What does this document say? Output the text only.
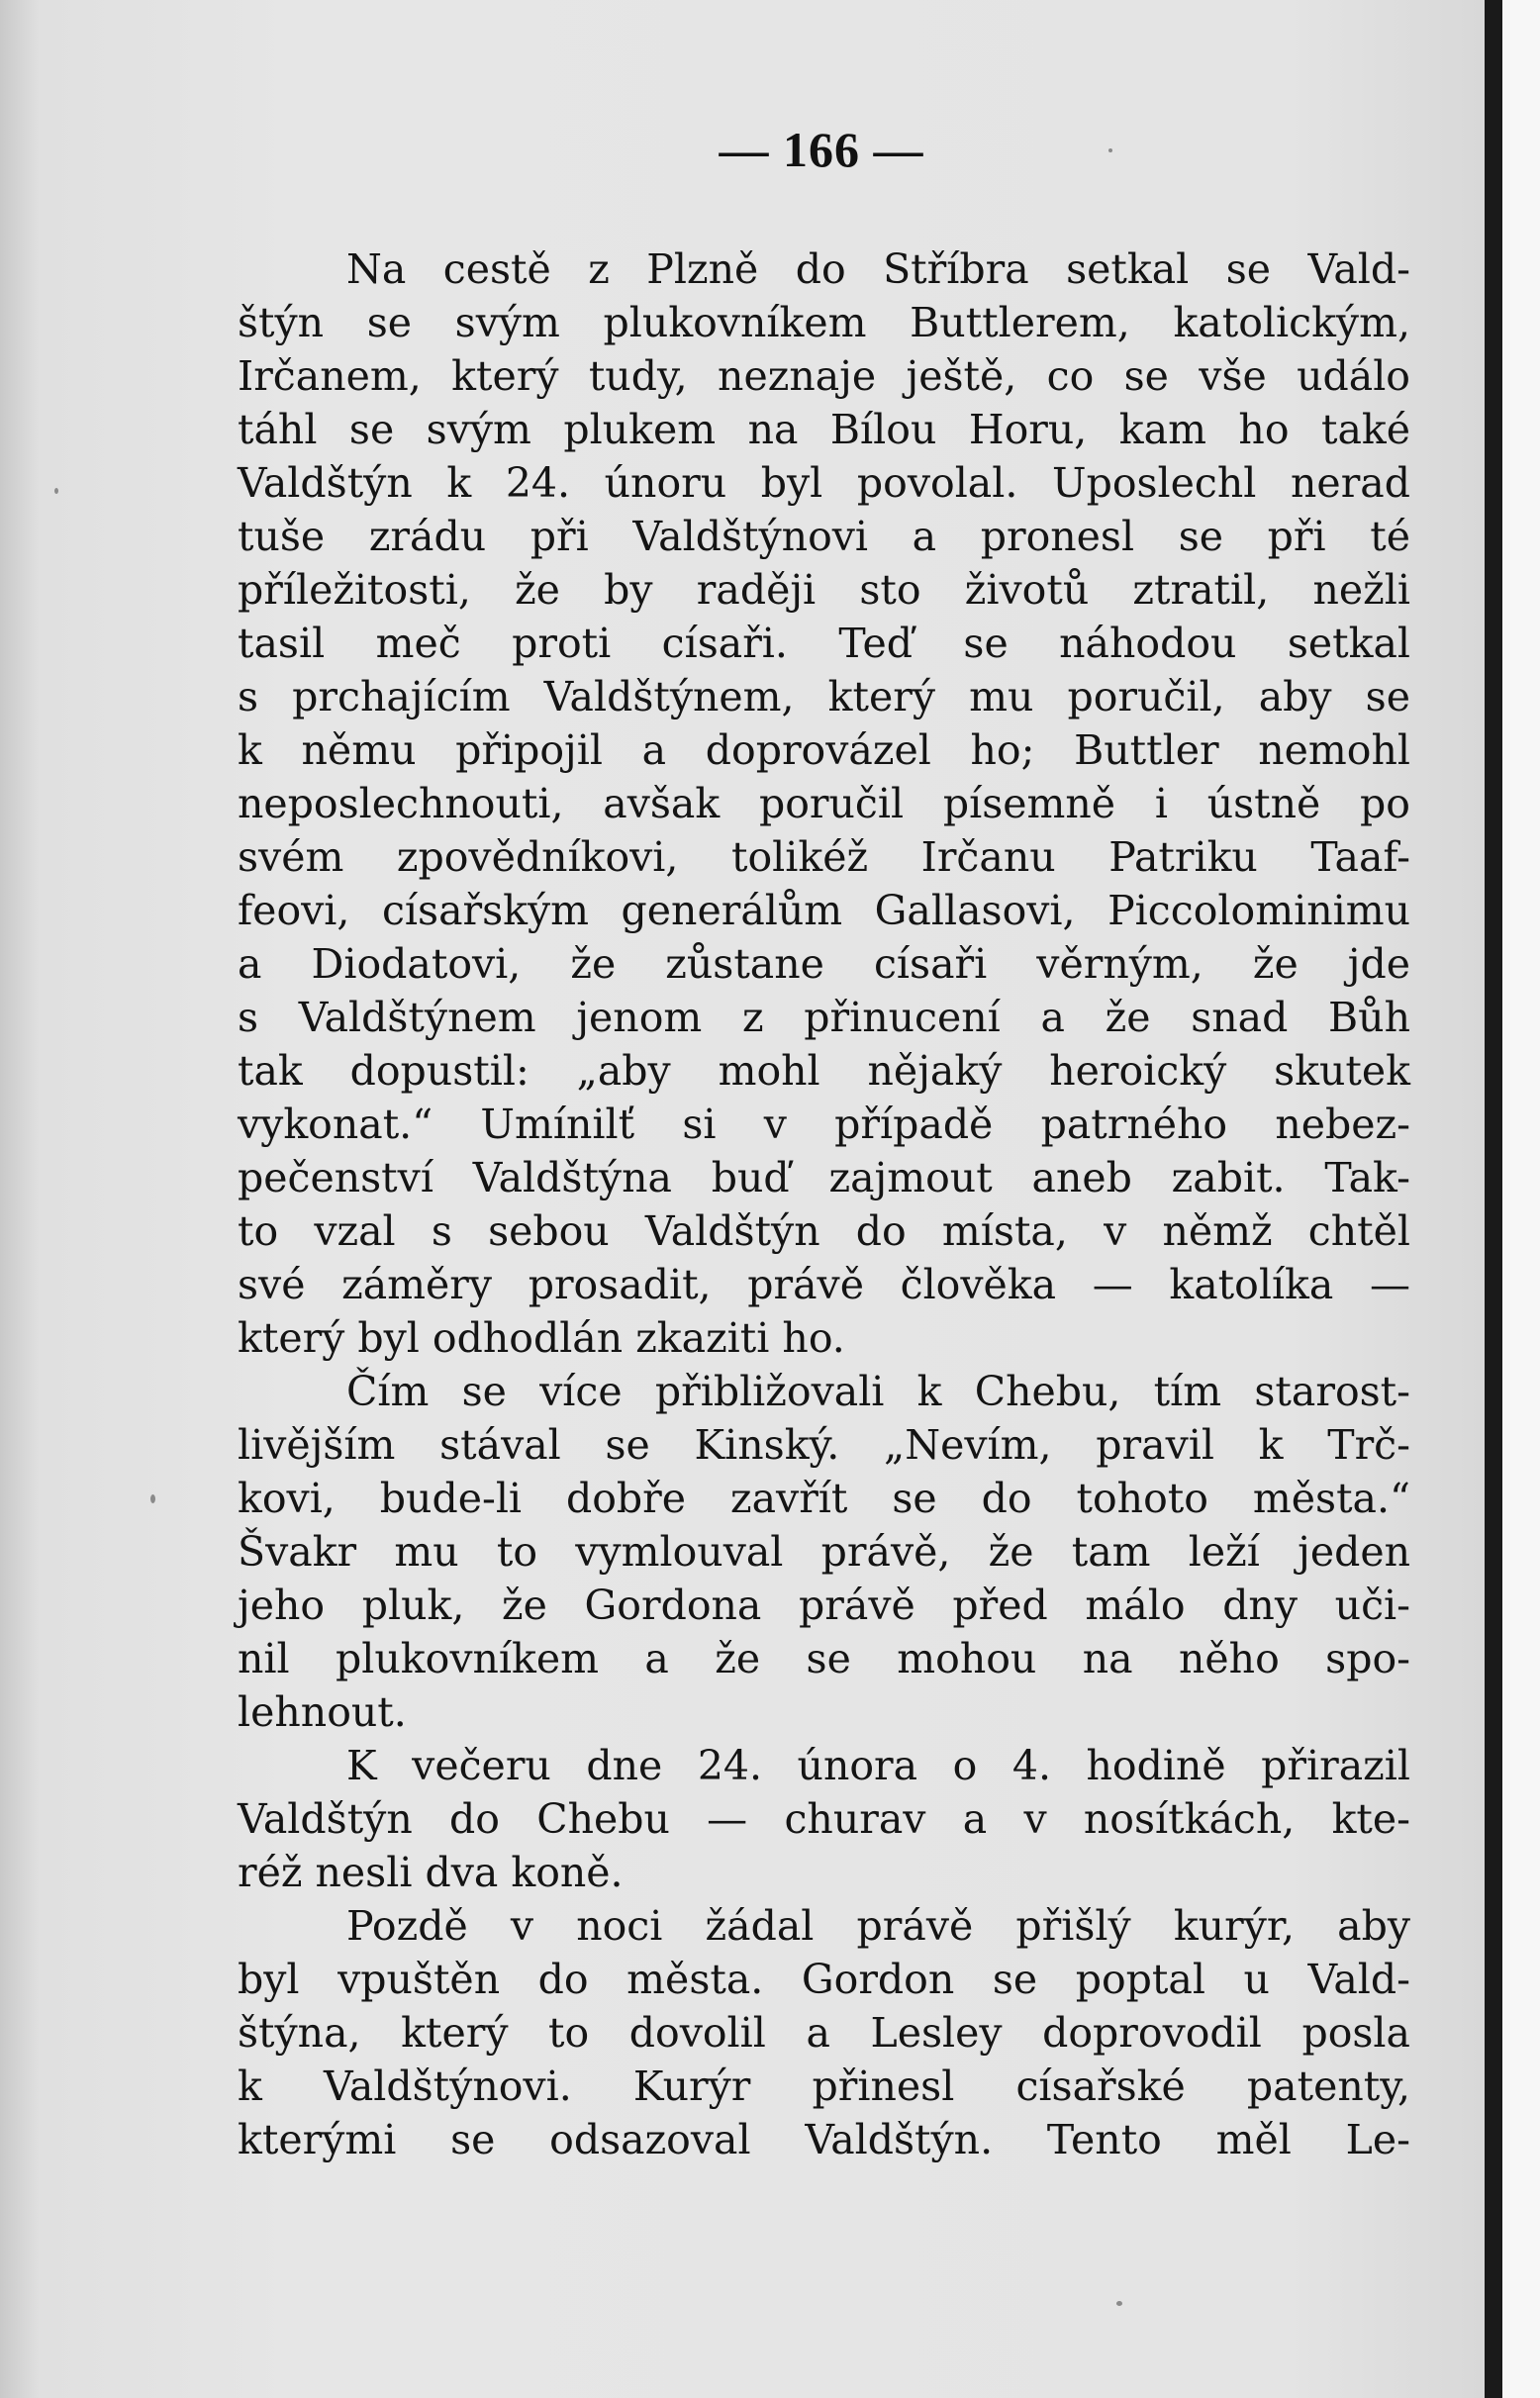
— 166 —
Na cestě z Plzně do Stříbra setkal se Vald-
štýn se svým plukovníkem Buttlerem, katolickým,
Irčanem, který tudy, neznaje ještě, co se vše událo
táhl se svým plukem na Bílou Horu, kam ho také
Valdštýn k 24. únoru byl povolal. Uposlechl nerad
tuše zrádu při Valdštýnovi a pronesl se při té
příležitosti, že by raději sto životů ztratil, nežli
tasil meč proti císaři. Teď se náhodou setkal
s prchajícím Valdštýnem, který mu poručil, aby se
k němu připojil a doprovázel ho; Buttler nemohl
neposlechnouti, avšak poručil písemně i ústně po
svém zpovědníkovi, tolikéž Irčanu Patriku Taaf-
feovi, císařským generálům Gallasovi, Piccolominimu
a Diodatovi, že zůstane císaři věrným, že jde
s Valdštýnem jenom z přinucení a že snad Bůh
tak dopustil: „aby mohl nějaký heroický skutek
vykonat.“ Umínilť si v případě patrného nebez-
pečenství Valdštýna buď zajmout aneb zabit. Tak-
to vzal s sebou Valdštýn do místa, v němž chtěl
své záměry prosadit, právě člověka — katolíka —
který byl odhodlán zkaziti ho.
Čím se více přibližovali k Chebu, tím starost-
livějším stával se Kinský. „Nevím, pravil k Trč-
kovi, bude-li dobře zavřít se do tohoto města.“
Švakr mu to vymlouval právě, že tam leží jeden
jeho pluk, že Gordona právě před málo dny uči-
nil plukovníkem a že se mohou na něho spo-
lehnout.
K večeru dne 24. února o 4. hodině přirazil
Valdštýn do Chebu — churav a v nosítkách, kte-
réž nesli dva koně.
Pozdě v noci žádal právě přišlý kurýr, aby
byl vpuštěn do města. Gordon se poptal u Vald-
štýna, který to dovolil a Lesley doprovodil posla
k Valdštýnovi. Kurýr přinesl císařské patenty,
kterými se odsazoval Valdštýn. Tento měl Le-
